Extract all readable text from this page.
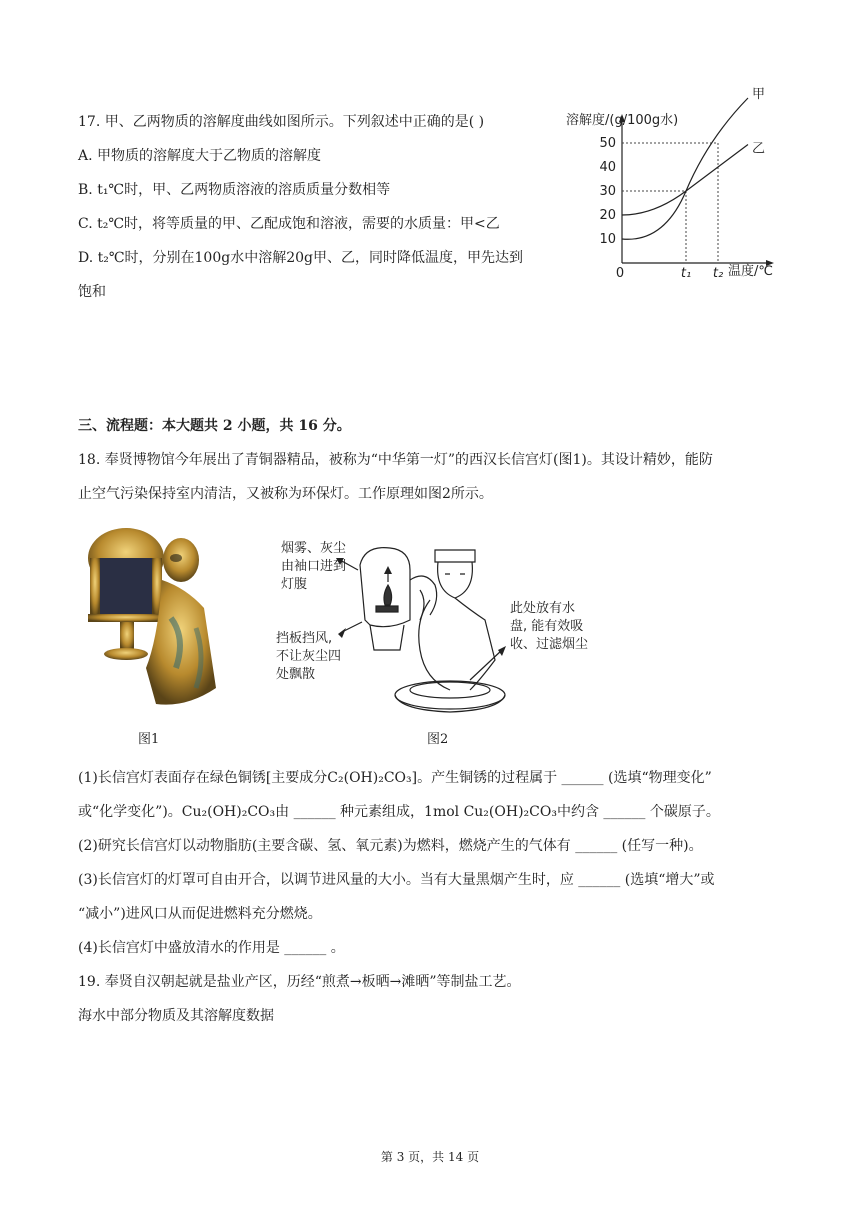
17. 甲、乙两物质的溶解度曲线如图所示。下列叙述中正确的是( )
A. 甲物质的溶解度大于乙物质的溶解度
B. t₁℃时，甲、乙两物质溶液的溶质质量分数相等
C. t₂℃时，将等质量的甲、乙配成饱和溶液，需要的水质量：甲<乙
D. t₂℃时，分别在100g水中溶解20g甲、乙，同时降低温度，甲先达到
饱和
溶解度/(g/100g水)
10
20
30
40
50
0	t₁ t₂
甲
乙
温度/℃
三、流程题：本大题共 2 小题，共 16 分。
18. 奉贤博物馆今年展出了青铜器精品，被称为“中华第一灯”的西汉长信宫灯(图1)。其设计精妙，能防
止空气污染保持室内清洁，又被称为环保灯。工作原理如图2所示。
图1
烟雾、灰尘
由袖口进到
灯腹
挡板挡风,
不让灰尘四
处飘散
此处放有水
盘, 能有效吸
收、过滤烟尘
图2
(1)长信宫灯表面存在绿色铜锈[主要成分C₂(OH)₂CO₃]。产生铜锈的过程属于 ______ (选填“物理变化”
或“化学变化”)。Cu₂(OH)₂CO₃由 ______ 种元素组成，1mol Cu₂(OH)₂CO₃中约含 ______ 个碳原子。
(2)研究长信宫灯以动物脂肪(主要含碳、氢、氧元素)为燃料，燃烧产生的气体有 ______ (任写一种)。
(3)长信宫灯的灯罩可自由开合，以调节进风量的大小。当有大量黑烟产生时，应 ______ (选填“增大”或
“减小”)进风口从而促进燃料充分燃烧。
(4)长信宫灯中盛放清水的作用是 ______ 。
19. 奉贤自汉朝起就是盐业产区，历经“煎煮→板晒→滩晒”等制盐工艺。
海水中部分物质及其溶解度数据
第 3 页，共 14 页
